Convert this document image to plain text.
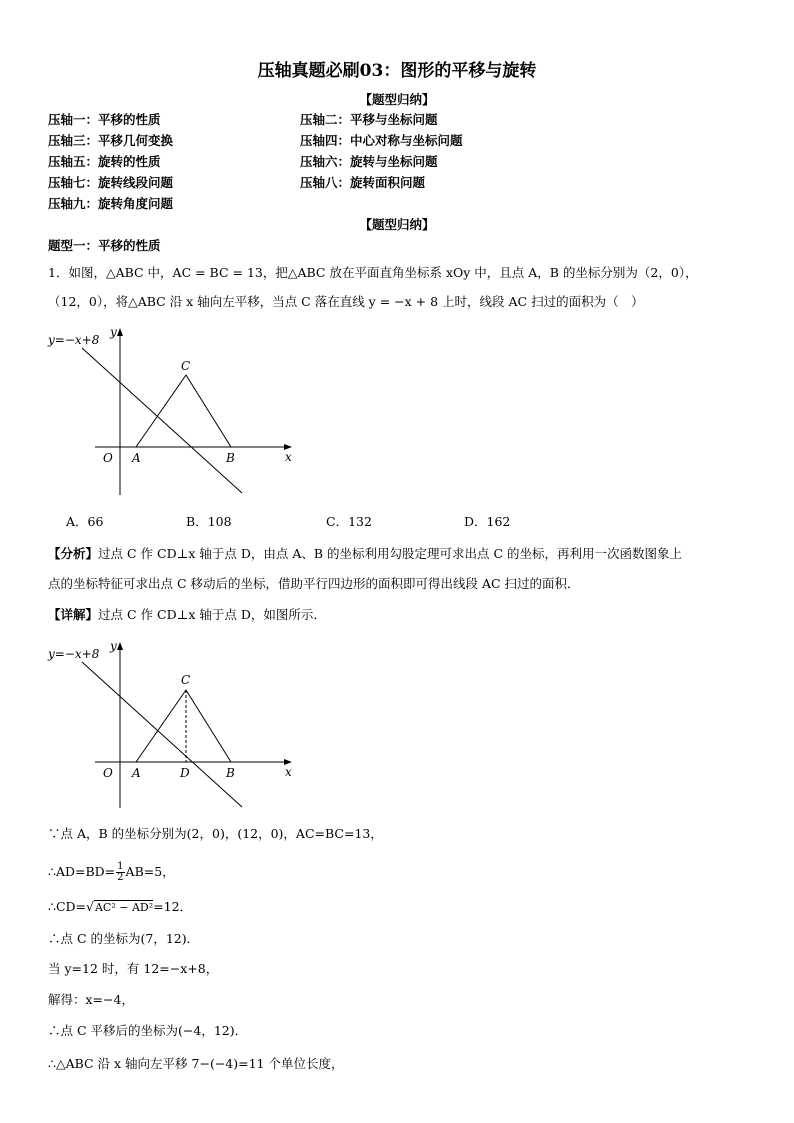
压轴真题必刷03：图形的平移与旋转
【题型归纳】
压轴一：平移的性质	压轴二：平移与坐标问题
压轴三：平移几何变换	压轴四：中心对称与坐标问题
压轴五：旋转的性质	压轴六：旋转与坐标问题
压轴七：旋转线段问题	压轴八：旋转面积问题
压轴九：旋转角度问题
【题型归纳】
题型一：平移的性质
1．如图，△ABC 中，AC = BC = 13，把△ABC 放在平面直角坐标系 xOy 中，且点 A，B 的坐标分别为（2，0），
（12，0），将△ABC 沿 x 轴向左平移，当点 C 落在直线 y = −x + 8 上时，线段 AC 扫过的面积为（　）
y=−x+8
y
x
O A	B
C
A．66	B．108	C．132	D．162
【分析】过点 C 作 CD⊥x 轴于点 D，由点 A、B 的坐标利用勾股定理可求出点 C 的坐标，再利用一次函数图象上
点的坐标特征可求出点 C 移动后的坐标，借助平行四边形的面积即可得出线段 AC 扫过的面积．
【详解】过点 C 作 CD⊥x 轴于点 D，如图所示．
y=−x+8
y
x
O A	D	B
C
∵点 A，B 的坐标分别为(2，0)，(12，0)，AC=BC=13，
∴AD=BD= $\frac{1}{2} AB=5$，
∴CD=√AC² − AD²=12．
∴点 C 的坐标为(7，12)．
当 y=12 时，有 12=−x+8，
解得：x=−4，
∴点 C 平移后的坐标为(−4，12)．
∴△ABC 沿 x 轴向左平移 7−(−4)=11 个单位长度，
